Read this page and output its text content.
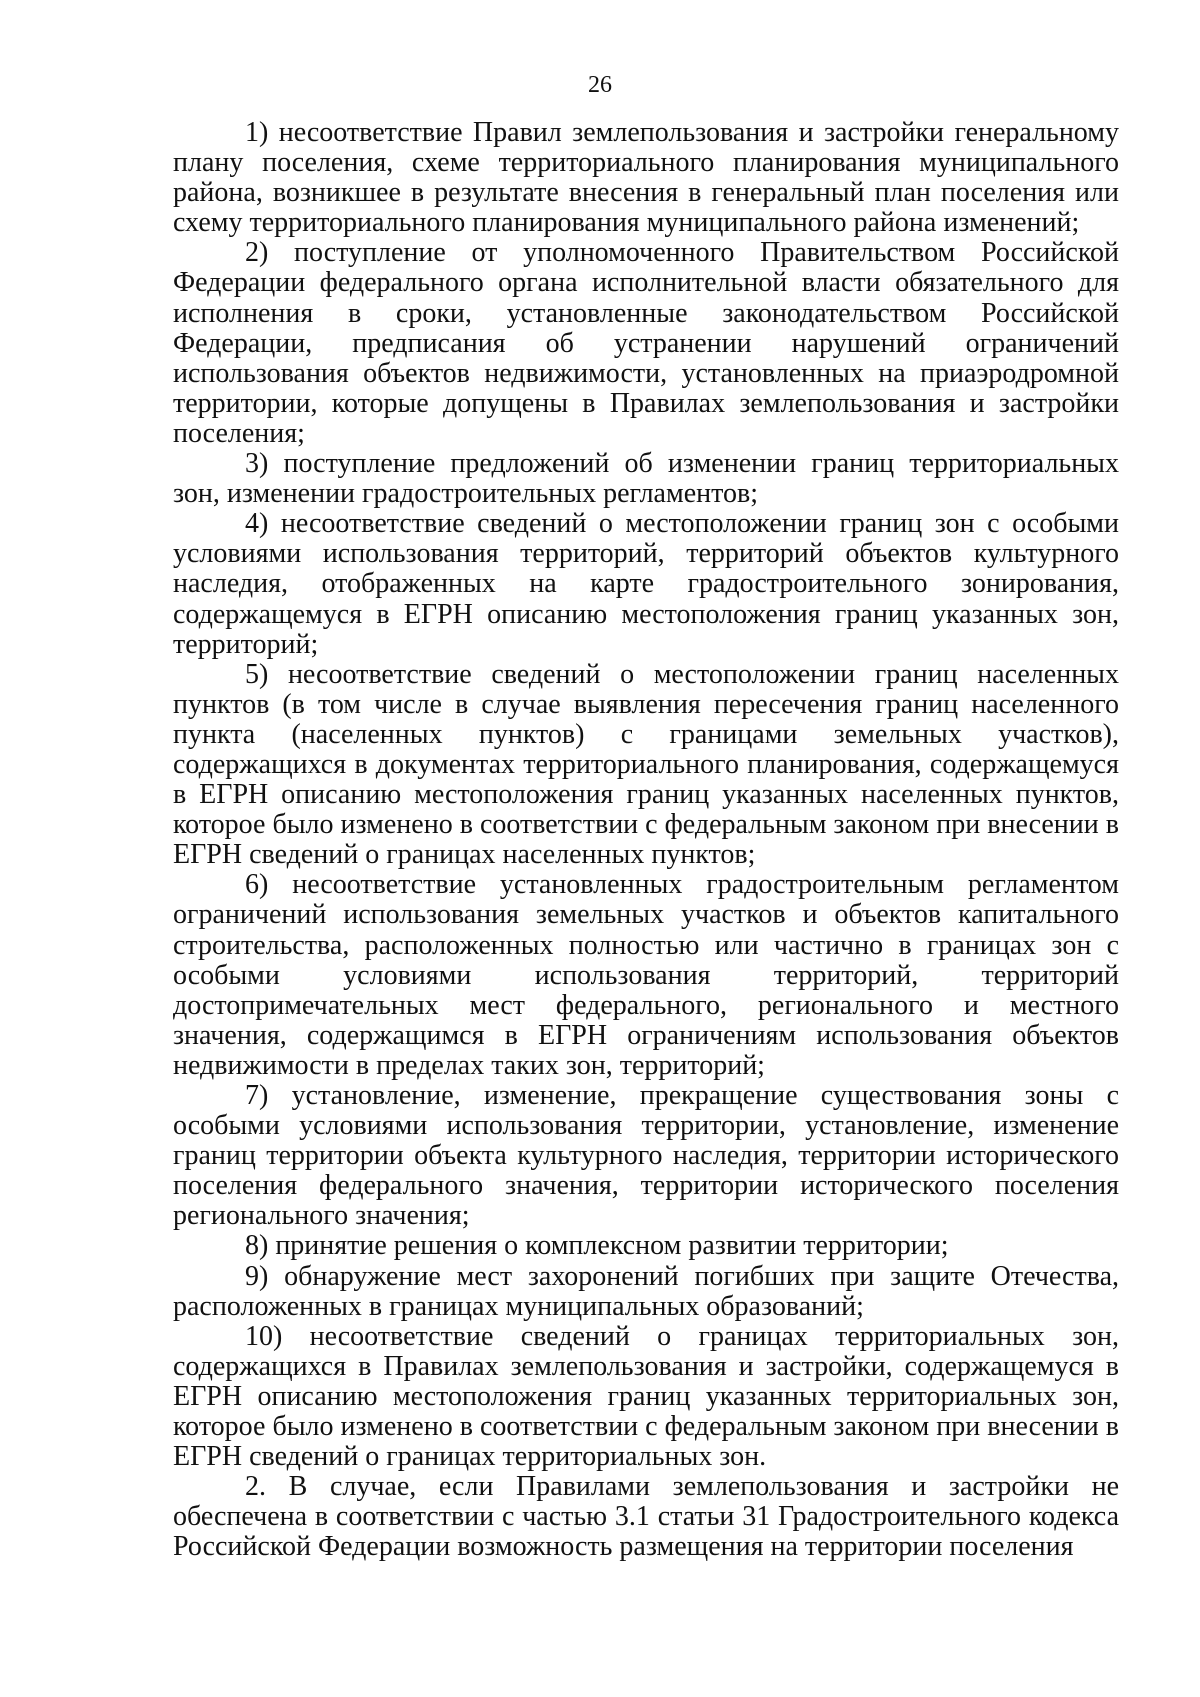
26

1) несоответствие Правил землепользования и застройки генеральному плану поселения, схеме территориального планирования муниципального района, возникшее в результате внесения в генеральный план поселения или схему территориального планирования муниципального района изменений;

2) поступление от уполномоченного Правительством Российской Федерации федерального органа исполнительной власти обязательного для исполнения в сроки, установленные законодательством Российской Федерации, предписания об устранении нарушений ограничений использования объектов недвижимости, установленных на приаэродромной территории, которые допущены в Правилах землепользования и застройки поселения;

3) поступление предложений об изменении границ территориальных зон, изменении градостроительных регламентов;

4) несоответствие сведений о местоположении границ зон с особыми условиями использования территорий, территорий объектов культурного наследия, отображенных на карте градостроительного зонирования, содержащемуся в ЕГРН описанию местоположения границ указанных зон, территорий;

5) несоответствие сведений о местоположении границ населенных пунктов (в том числе в случае выявления пересечения границ населенного пункта (населенных пунктов) с границами земельных участков), содержащихся в документах территориального планирования, содержащемуся в ЕГРН описанию местоположения границ указанных населенных пунктов, которое было изменено в соответствии с федеральным законом при внесении в ЕГРН сведений о границах населенных пунктов;

6) несоответствие установленных градостроительным регламентом ограничений использования земельных участков и объектов капитального строительства, расположенных полностью или частично в границах зон с особыми условиями использования территорий, территорий достопримечательных мест федерального, регионального и местного значения, содержащимся в ЕГРН ограничениям использования объектов недвижимости в пределах таких зон, территорий;

7) установление, изменение, прекращение существования зоны с особыми условиями использования территории, установление, изменение границ территории объекта культурного наследия, территории исторического поселения федерального значения, территории исторического поселения регионального значения;

8) принятие решения о комплексном развитии территории;

9) обнаружение мест захоронений погибших при защите Отечества, расположенных в границах муниципальных образований;

10) несоответствие сведений о границах территориальных зон, содержащихся в Правилах землепользования и застройки, содержащемуся в ЕГРН описанию местоположения границ указанных территориальных зон, которое было изменено в соответствии с федеральным законом при внесении в ЕГРН сведений о границах территориальных зон.

2. В случае, если Правилами землепользования и застройки не обеспечена в соответствии с частью 3.1 статьи 31 Градостроительного кодекса Российской Федерации возможность размещения на территории поселения
